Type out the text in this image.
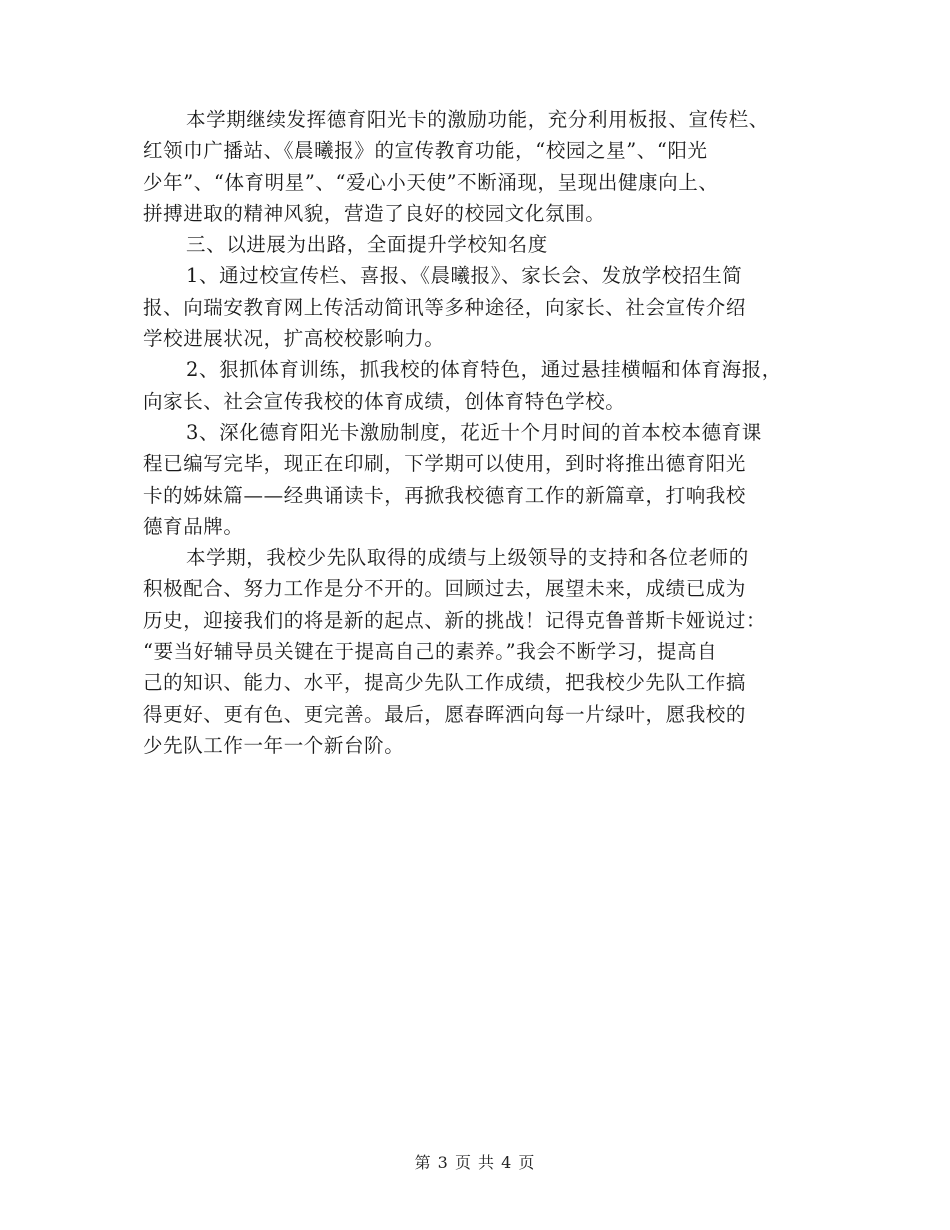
本学期继续发挥德育阳光卡的激励功能，充分利用板报、宣传栏、
红领巾广播站、《晨曦报》的宣传教育功能，“校园之星”、“阳光
少年”、“体育明星”、“爱心小天使”不断涌现，呈现出健康向上、
拼搏进取的精神风貌，营造了良好的校园文化氛围。
三、以进展为出路，全面提升学校知名度
1、通过校宣传栏、喜报、《晨曦报》、家长会、发放学校招生简
报、向瑞安教育网上传活动简讯等多种途径，向家长、社会宣传介绍
学校进展状况，扩高校校影响力。
2、狠抓体育训练，抓我校的体育特色，通过悬挂横幅和体育海报，
向家长、社会宣传我校的体育成绩，创体育特色学校。
3、深化德育阳光卡激励制度，花近十个月时间的首本校本德育课
程已编写完毕，现正在印刷，下学期可以使用，到时将推出德育阳光
卡的姊妹篇——经典诵读卡，再掀我校德育工作的新篇章，打响我校
德育品牌。
本学期，我校少先队取得的成绩与上级领导的支持和各位老师的
积极配合、努力工作是分不开的。回顾过去，展望未来，成绩已成为
历史，迎接我们的将是新的起点、新的挑战！记得克鲁普斯卡娅说过：
“要当好辅导员关键在于提高自己的素养。”我会不断学习，提高自
己的知识、能力、水平，提高少先队工作成绩，把我校少先队工作搞
得更好、更有色、更完善。最后，愿春晖洒向每一片绿叶，愿我校的
少先队工作一年一个新台阶。
第 3 页 共 4 页
